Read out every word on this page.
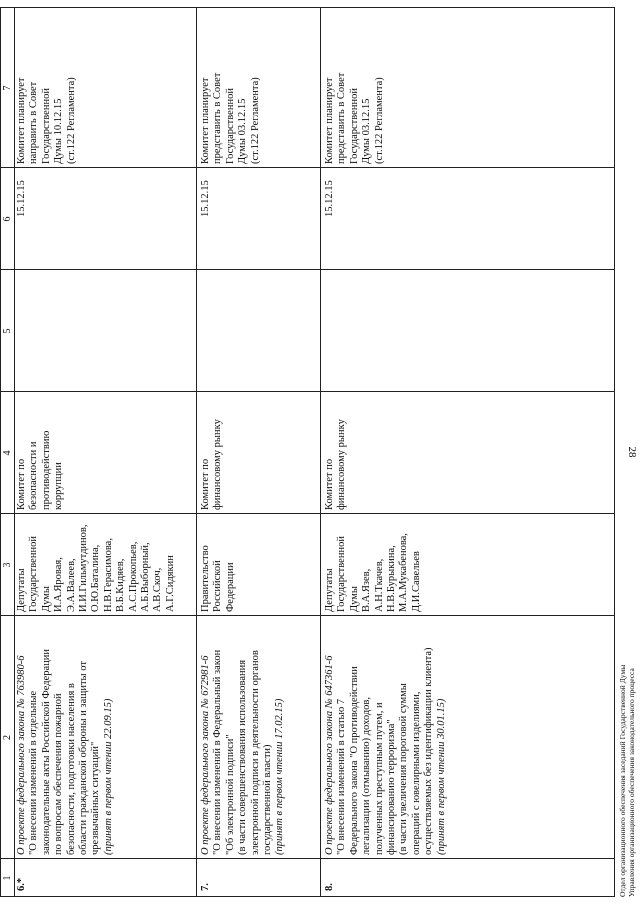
1
2
3
4
5
6
7
6.*
О проекте федерального закона № 763980-6 "О внесении изменений в отдельные законодательные акты Российской Федерации по вопросам обеспечения пожарной безопасности, подготовки населения в области гражданской обороны и защиты от чрезвычайных ситуаций" (принят в первом чтении 22.09.15)
Депутаты Государственной Думы И.А.Яровая, Э.А.Валеев, И.И.Гильмутдинов, О.Ю.Баталина, Н.В.Герасимова, В.Б.Кидяев, А.С.Прокопьев, А.Б.Выборный, А.В.Скоч, А.Г.Сидякин
Комитет по безопасности и противодействию коррупции
15.12.15
Комитет планирует направить в Совет Государственной Думы 10.12.15 (ст.122 Регламента)
7.
О проекте федерального закона № 672981-6 "О внесении изменений в Федеральный закон "Об электронной подписи" (в части совершенствования использования электронной подписи в деятельности органов государственной власти) (принят в первом чтении 17.02.15)
Правительство Российской Федерации
Комитет по финансовому рынку
15.12.15
Комитет планирует представить в Совет Государственной Думы 03.12.15 (ст.122 Регламента)
8.
О проекте федерального закона № 647361-6 "О внесении изменений в статью 7 Федерального закона "О противодействии легализации (отмыванию) доходов, полученных преступным путем, и финансированию терроризма" (в части увеличения пороговой суммы операций с ювелирными изделиями, осуществляемых без идентификации клиента) (принят в первом чтении 30.01.15)
Депутаты Государственной Думы В.А.Язев, А.Н.Ткачев, Н.В.Бурыкина, М.А.Мукабенова, Д.И.Савельев
Комитет по финансовому рынку
15.12.15
Комитет планирует представить в Совет Государственной Думы 03.12.15 (ст.122 Регламента)
28
Отдел организационного обеспечения заседаний Государственной Думы Управления организационного обеспечения законодательного процесса
